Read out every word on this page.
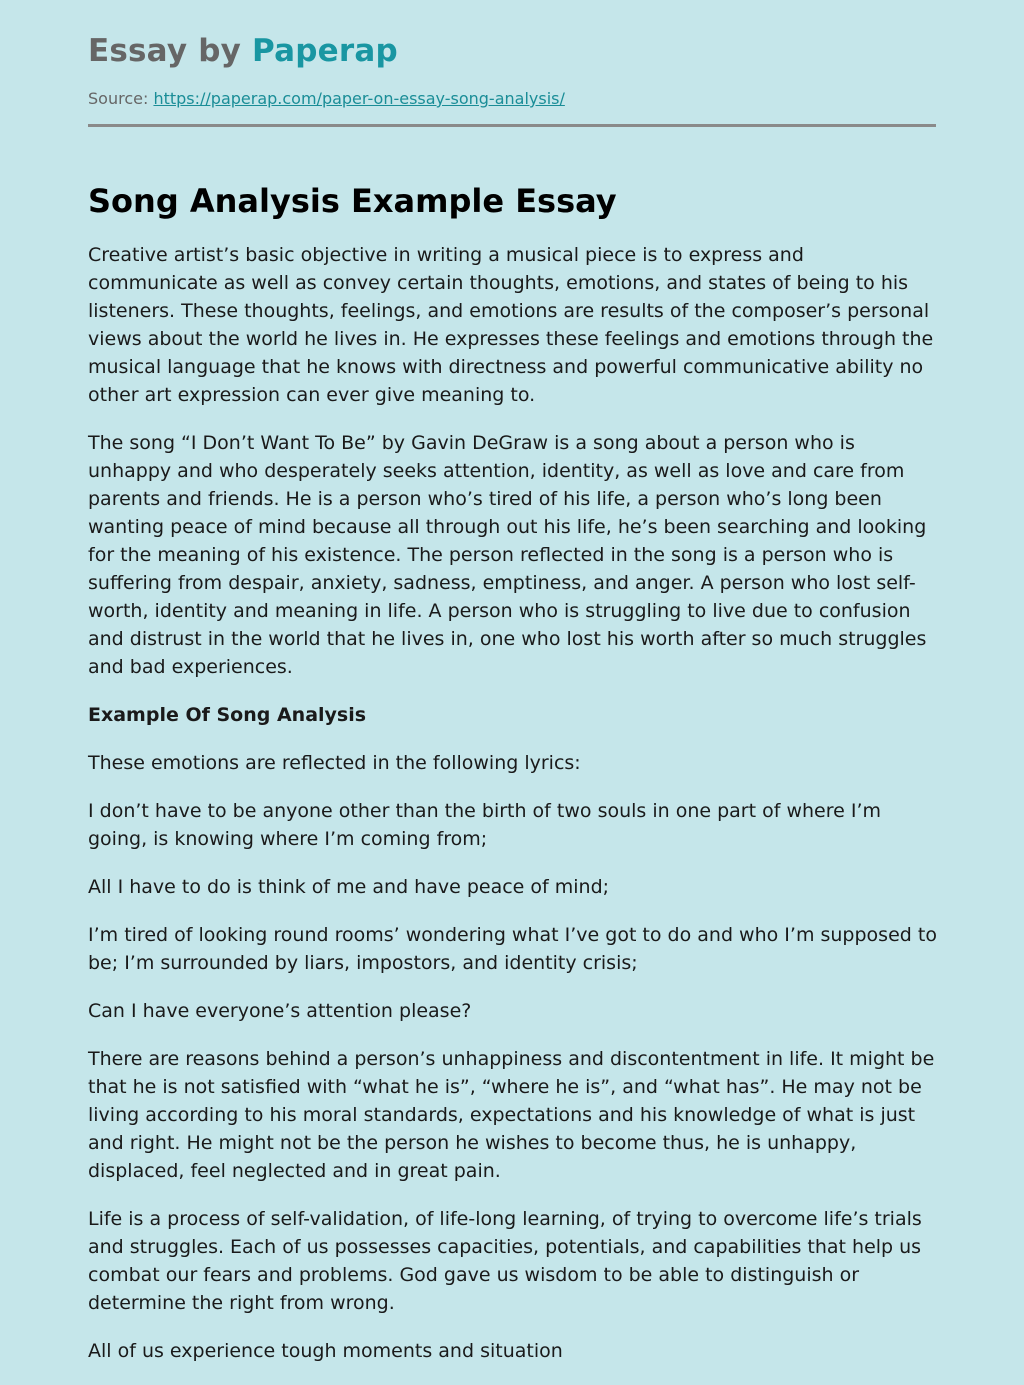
Essay by Paperap
Source: https://paperap.com/paper-on-essay-song-analysis/
Song Analysis Example Essay

Creative artist’s basic objective in writing a musical piece is to express and communicate as well as convey certain thoughts, emotions, and states of being to his listeners. These thoughts, feelings, and emotions are results of the composer’s personal views about the world he lives in. He expresses these feelings and emotions through the musical language that he knows with directness and powerful communicative ability no other art expression can ever give meaning to.

The song “I Don’t Want To Be” by Gavin DeGraw is a song about a person who is unhappy and who desperately seeks attention, identity, as well as love and care from parents and friends. He is a person who’s tired of his life, a person who’s long been wanting peace of mind because all through out his life, he’s been searching and looking for the meaning of his existence. The person reflected in the song is a person who is suffering from despair, anxiety, sadness, emptiness, and anger. A person who lost self-worth, identity and meaning in life. A person who is struggling to live due to confusion and distrust in the world that he lives in, one who lost his worth after so much struggles and bad experiences.

Example Of Song Analysis

These emotions are reflected in the following lyrics:

I don’t have to be anyone other than the birth of two souls in one part of where I’m going, is knowing where I’m coming from;

All I have to do is think of me and have peace of mind;

I’m tired of looking round rooms’ wondering what I’ve got to do and who I’m supposed to be; I’m surrounded by liars, impostors, and identity crisis;

Can I have everyone’s attention please?

There are reasons behind a person’s unhappiness and discontentment in life. It might be that he is not satisfied with “what he is”, “where he is”, and “what has”. He may not be living according to his moral standards, expectations and his knowledge of what is just and right. He might not be the person he wishes to become thus, he is unhappy, displaced, feel neglected and in great pain.

Life is a process of self-validation, of life-long learning, of trying to overcome life’s trials and struggles. Each of us possesses capacities, potentials, and capabilities that help us combat our fears and problems. God gave us wisdom to be able to distinguish or determine the right from wrong.

All of us experience tough moments and situation
